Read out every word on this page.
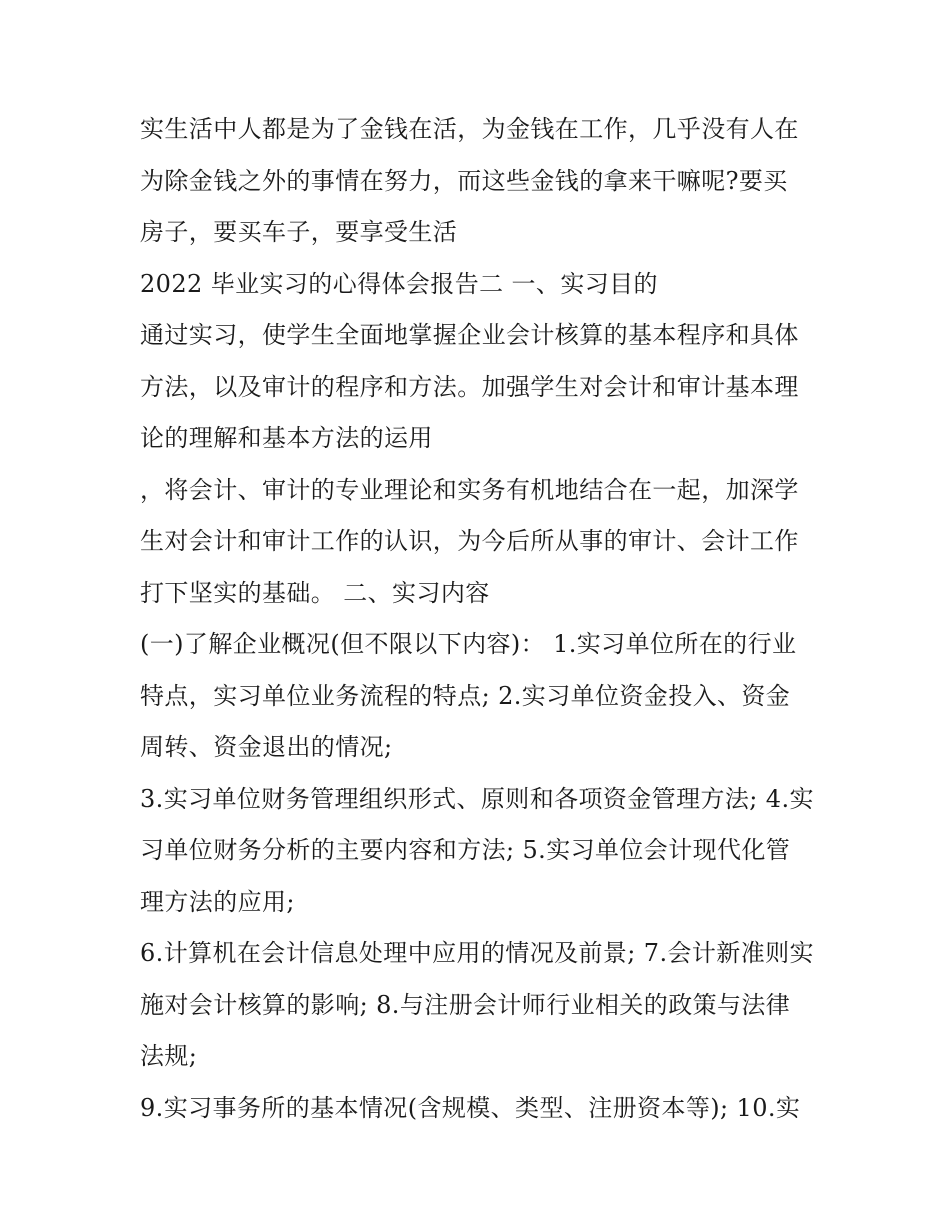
实生活中人都是为了金钱在活，为金钱在工作，几乎没有人在
为除金钱之外的事情在努力，而这些金钱的拿来干嘛呢?要买
房子，要买车子，要享受生活
2022 毕业实习的心得体会报告二 一、实习目的
通过实习，使学生全面地掌握企业会计核算的基本程序和具体
方法，以及审计的程序和方法。加强学生对会计和审计基本理
论的理解和基本方法的运用
，将会计、审计的专业理论和实务有机地结合在一起，加深学
生对会计和审计工作的认识，为今后所从事的审计、会计工作
打下坚实的基础。 二、实习内容
(一)了解企业概况(但不限以下内容)： 1.实习单位所在的行业
特点，实习单位业务流程的特点; 2.实习单位资金投入、资金
周转、资金退出的情况;
3.实习单位财务管理组织形式、原则和各项资金管理方法; 4.实
习单位财务分析的主要内容和方法; 5.实习单位会计现代化管
理方法的应用;
6.计算机在会计信息处理中应用的情况及前景; 7.会计新准则实
施对会计核算的影响; 8.与注册会计师行业相关的政策与法律
法规;
9.实习事务所的基本情况(含规模、类型、注册资本等); 10.实
